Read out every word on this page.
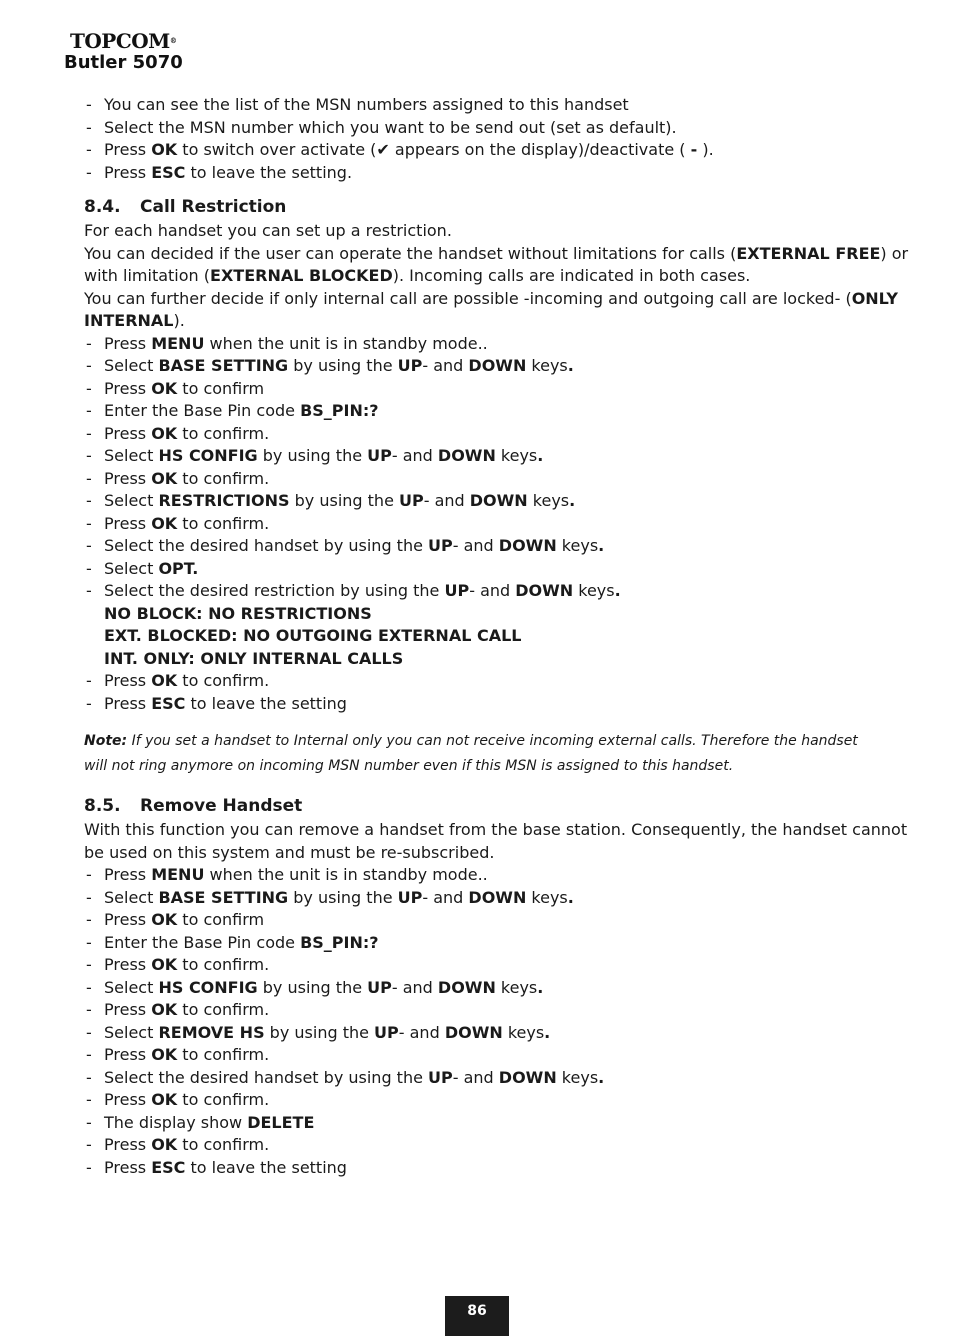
TOPCOM®
Butler 5070
- You can see the list of the MSN numbers assigned to this handset
- Select the MSN number which you want to be send out (set as default).
- Press OK to switch over activate (✔ appears on the display)/deactivate ( - ).
- Press ESC to leave the setting.
8.4. Call Restriction
For each handset you can set up a restriction.
You can decided if the user can operate the handset without limitations for calls (EXTERNAL FREE) or
with limitation (EXTERNAL BLOCKED). Incoming calls are indicated in both cases.
You can further decide if only internal call are possible -incoming and outgoing call are locked- (ONLY
INTERNAL).
- Press MENU when the unit is in standby mode..
- Select BASE SETTING by using the UP- and DOWN keys.
- Press OK to confirm
- Enter the Base Pin code BS_PIN:?
- Press OK to confirm.
- Select HS CONFIG by using the UP- and DOWN keys.
- Press OK to confirm.
- Select RESTRICTIONS by using the UP- and DOWN keys.
- Press OK to confirm.
- Select the desired handset by using the UP- and DOWN keys.
- Select OPT.
- Select the desired restriction by using the UP- and DOWN keys.
NO BLOCK: NO RESTRICTIONS
EXT. BLOCKED: NO OUTGOING EXTERNAL CALL
INT. ONLY: ONLY INTERNAL CALLS
- Press OK to confirm.
- Press ESC to leave the setting
Note: If you set a handset to Internal only you can not receive incoming external calls. Therefore the handset will not ring anymore on incoming MSN number even if this MSN is assigned to this handset.
8.5. Remove Handset
With this function you can remove a handset from the base station. Consequently, the handset cannot
be used on this system and must be re-subscribed.
- Press MENU when the unit is in standby mode..
- Select BASE SETTING by using the UP- and DOWN keys.
- Press OK to confirm
- Enter the Base Pin code BS_PIN:?
- Press OK to confirm.
- Select HS CONFIG by using the UP- and DOWN keys.
- Press OK to confirm.
- Select REMOVE HS by using the UP- and DOWN keys.
- Press OK to confirm.
- Select the desired handset by using the UP- and DOWN keys.
- Press OK to confirm.
- The display show DELETE
- Press OK to confirm.
- Press ESC to leave the setting
86
